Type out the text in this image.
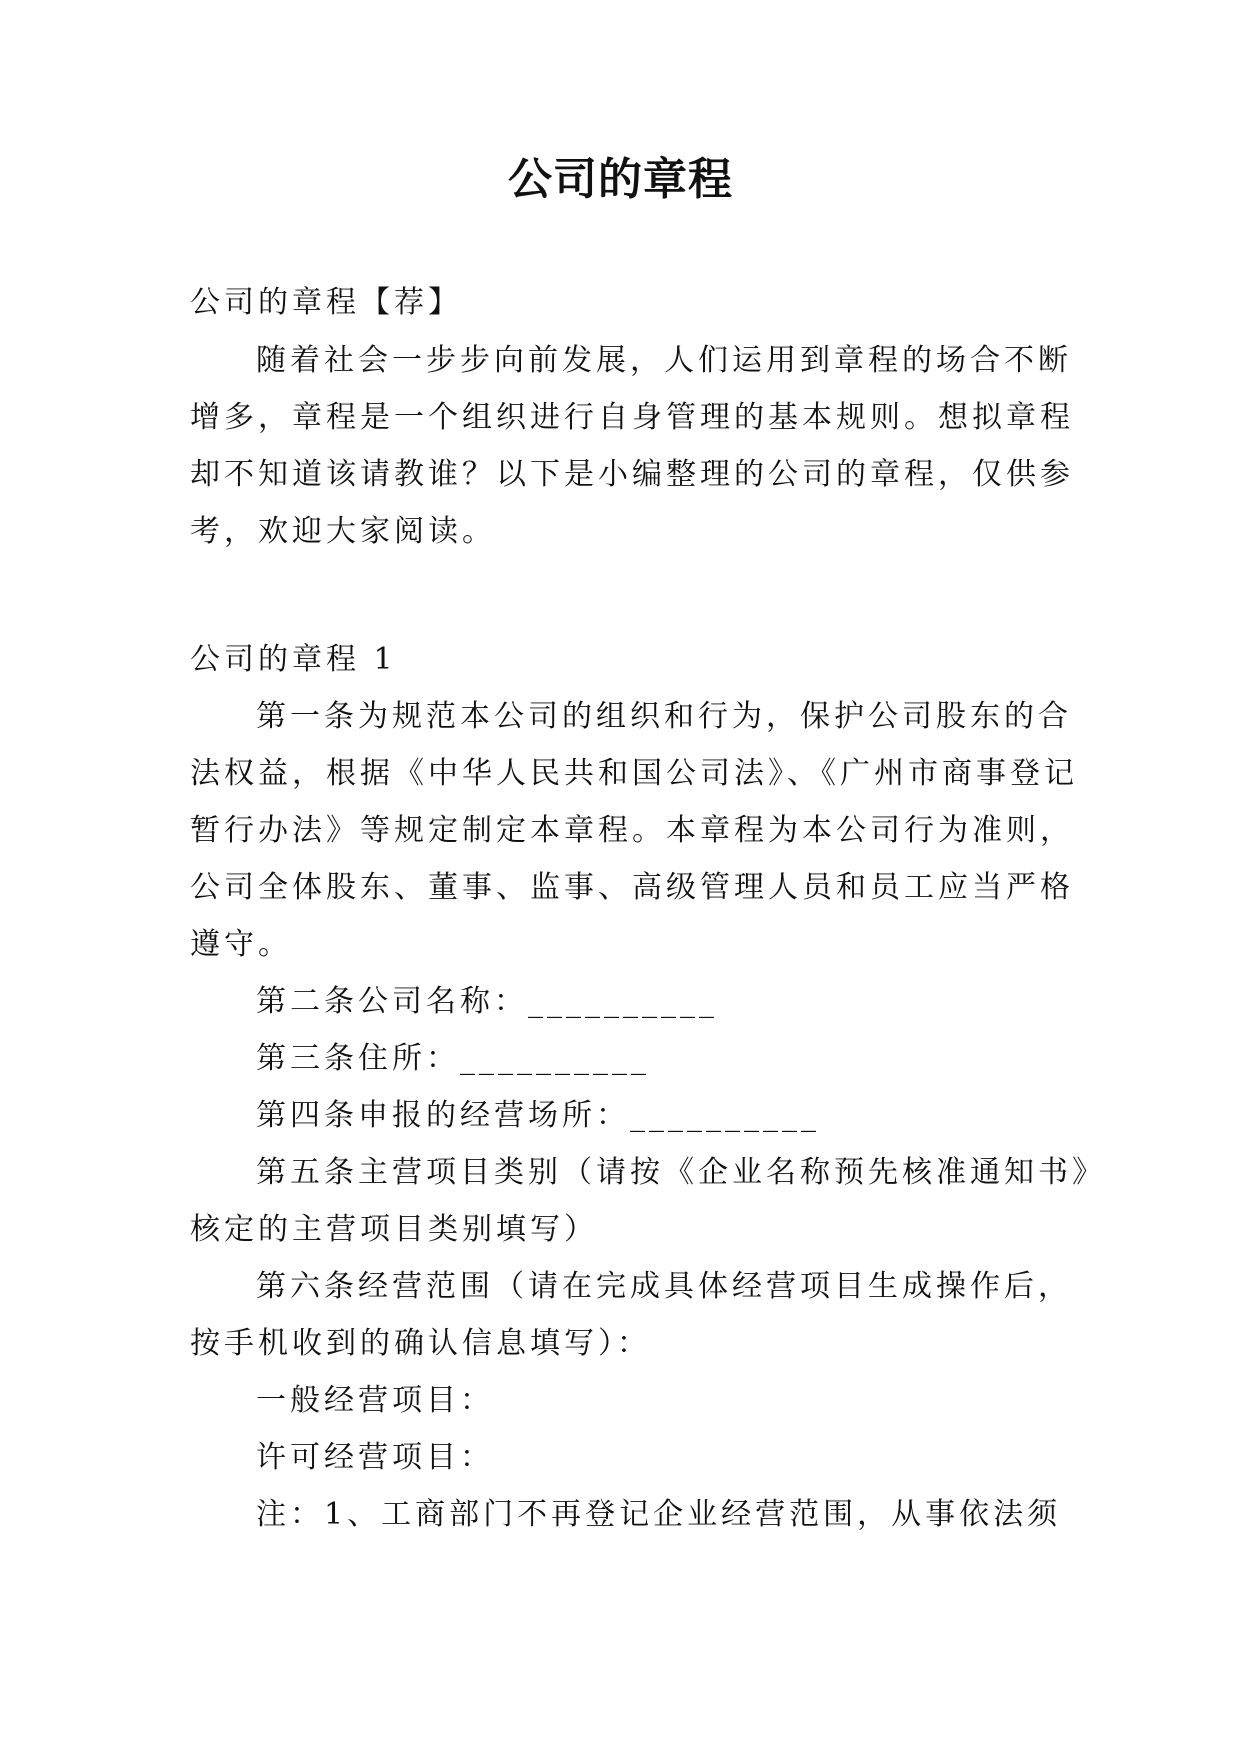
公司的章程
公司的章程【荐】
随着社会一步步向前发展，人们运用到章程的场合不断
增多，章程是一个组织进行自身管理的基本规则。想拟章程
却不知道该请教谁？以下是小编整理的公司的章程，仅供参
考，欢迎大家阅读。
公司的章程 1
第一条为规范本公司的组织和行为，保护公司股东的合
法权益，根据《中华人民共和国公司法》、《广州市商事登记
暂行办法》等规定制定本章程。本章程为本公司行为准则，
公司全体股东、董事、监事、高级管理人员和员工应当严格
遵守。
第二条公司名称：__________
第三条住所：__________
第四条申报的经营场所：__________
第五条主营项目类别（请按《企业名称预先核准通知书》
核定的主营项目类别填写）
第六条经营范围（请在完成具体经营项目生成操作后，
按手机收到的确认信息填写）：
一般经营项目：
许可经营项目：
注：1、工商部门不再登记企业经营范围，从事依法须
